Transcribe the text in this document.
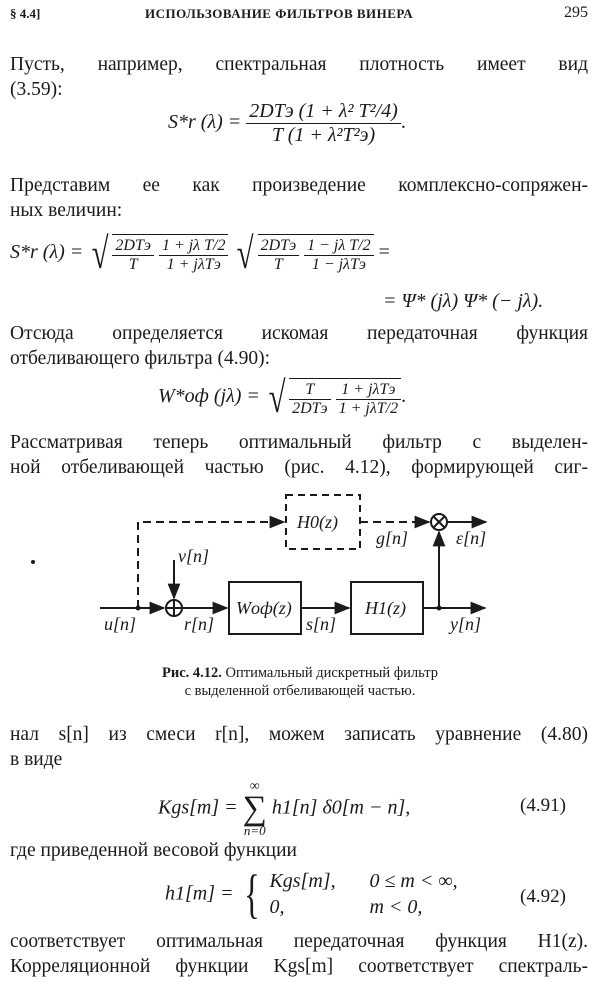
§ 4.4]	ИСПОЛЬЗОВАНИЕ ФИЛЬТРОВ ВИНЕРА	295

Пусть, например, спектральная плотность имеет вид
(3.59):

S*r $(\lambda) = \frac{\text{2DTэ (1 + λ² T²/4)}}{\text{T (1 + λ²T²э)}}$ .

Представим ее как произведение комплексно-сопряжен-
ных величин:

S*r (λ) = √ $\frac{\text{2DTэ}}{T}$
$\frac{\text{1 + jλ T/2}}{\text{1 + jλTэ}}$ √ $\frac{\text{2DTэ}}{T}$
$\frac{\text{1 − jλ T/2}}{\text{1 − jλTэ}}$ =
= Ψ* (jλ) Ψ* (− jλ).

Отсюда определяется искомая передаточная функция
отбеливающего фильтра (4.90):

W*оф (jλ) = √ $\frac{T}{\text{2DTэ}}$
$\frac{\text{1 + jλTэ}}{\text{1 + jλT/2}}$ .

Рассматривая теперь оптимальный фильтр с выделен-
ной отбеливающей частью (рис. 4.12), формирующей сиг-

H0(z)
Wоф(z)	H1(z)
v[n]
u[n]	r[n]	s[n]
g[n]	ε[n]
y[n]
Рис. 4.12. Оптимальный дискретный фильтр
с выделенной отбеливающей частью.

нал s[n] из смеси r[n], можем записать уравнение (4.80)
в виде

Kgs[m] =
∞
∑
n=0
h1[n] δ0[m − n],	(4.91)

где приведенной весовой функции

h1[m] = { Kgs[m], 0 ≤ m < ∞,
0,	m < 0,	(4.92)

соответствует оптимальная передаточная функция H1(z).
Корреляционной функции Kgs[m] соответствует спектраль-
